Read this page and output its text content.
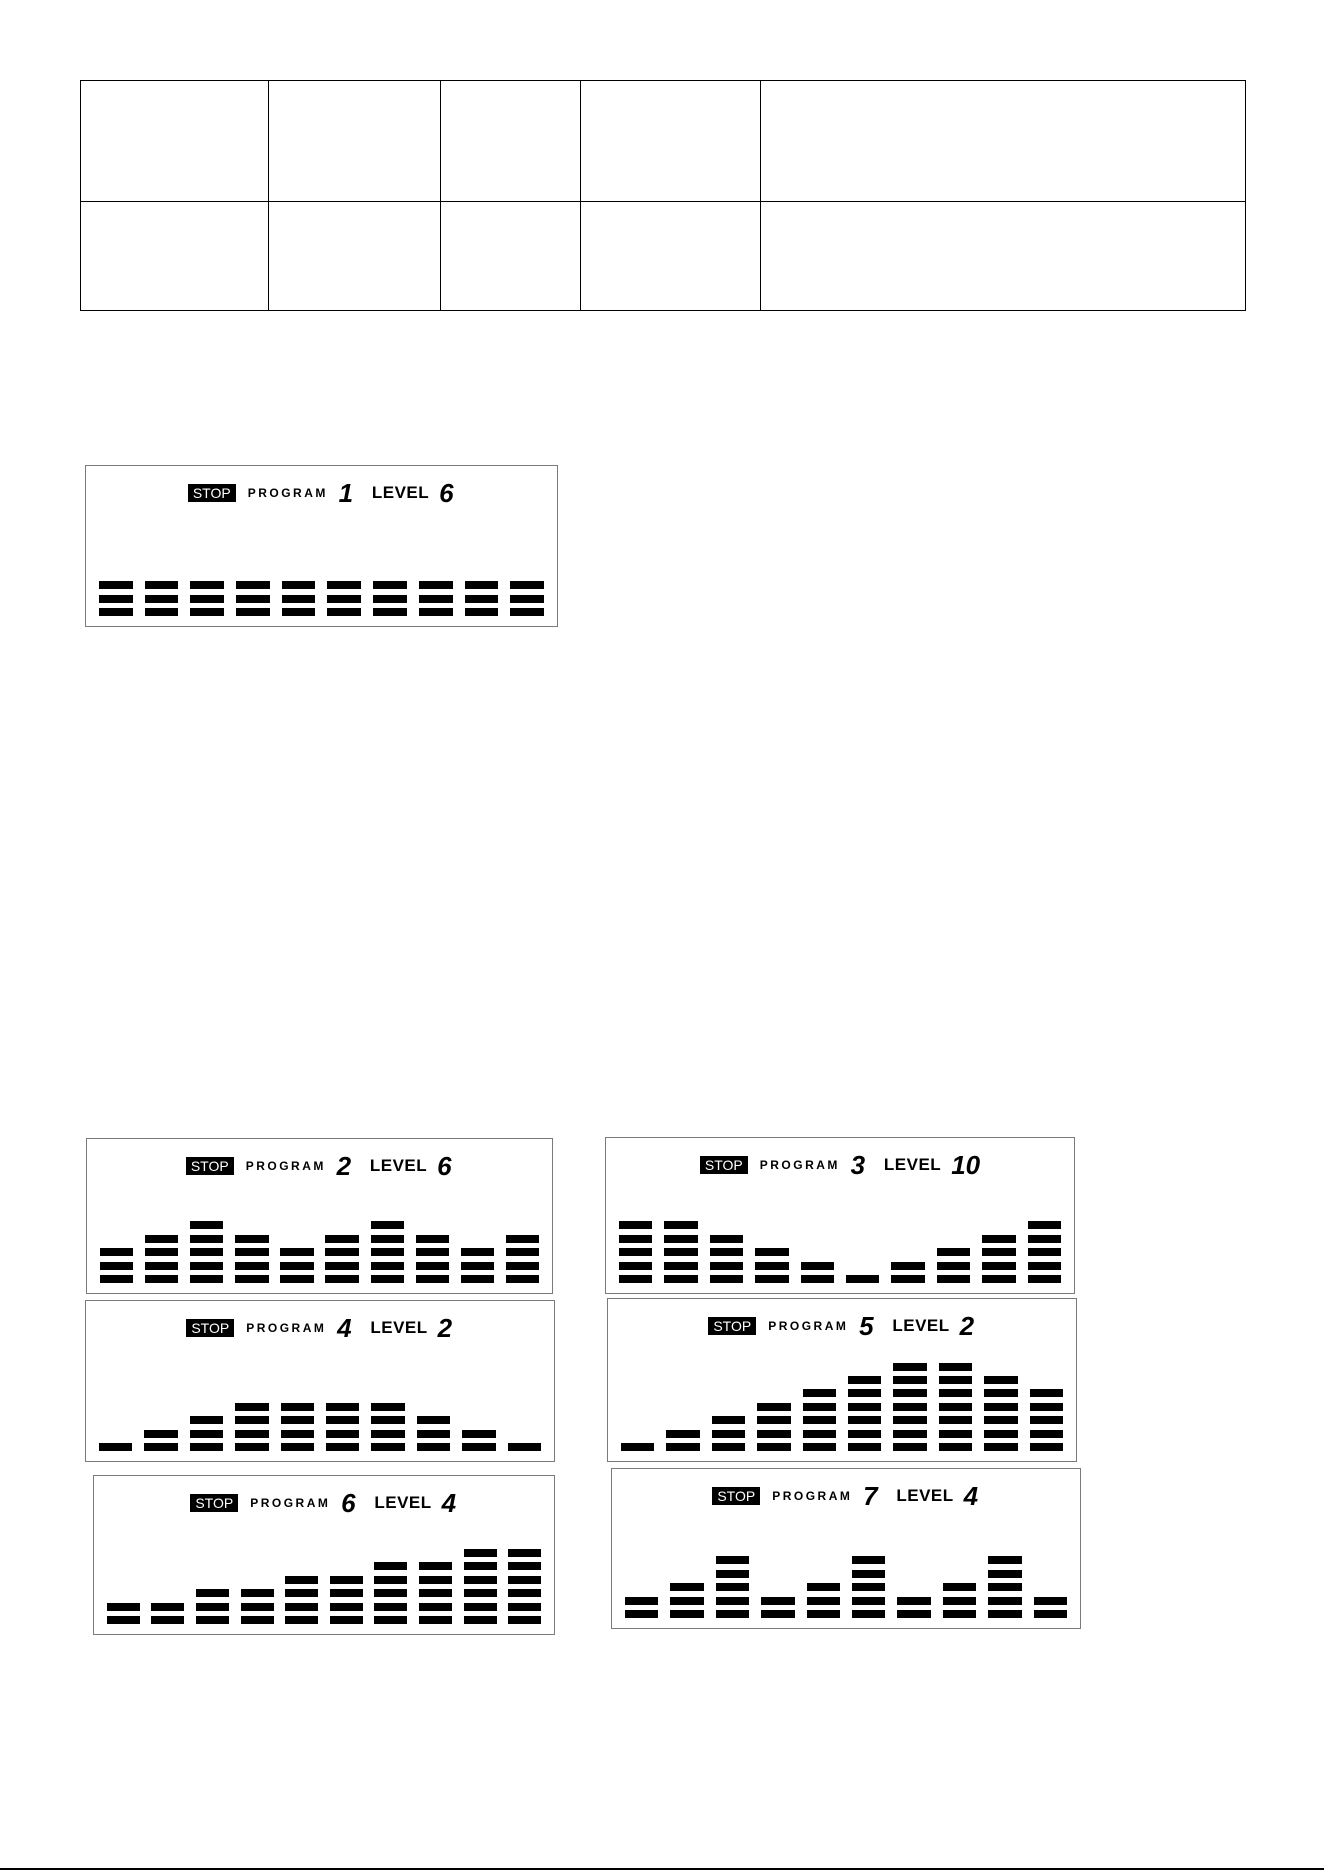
STOP	PROGRAM 1 LEVEL 6
STOP	PROGRAM 2 LEVEL 6	STOP	PROGRAM 3 LEVEL 10
STOP	PROGRAM 4 LEVEL 2	STOP	PROGRAM 5 LEVEL 2
STOP	PROGRAM 6 LEVEL 4	STOP	PROGRAM 7 LEVEL 4
